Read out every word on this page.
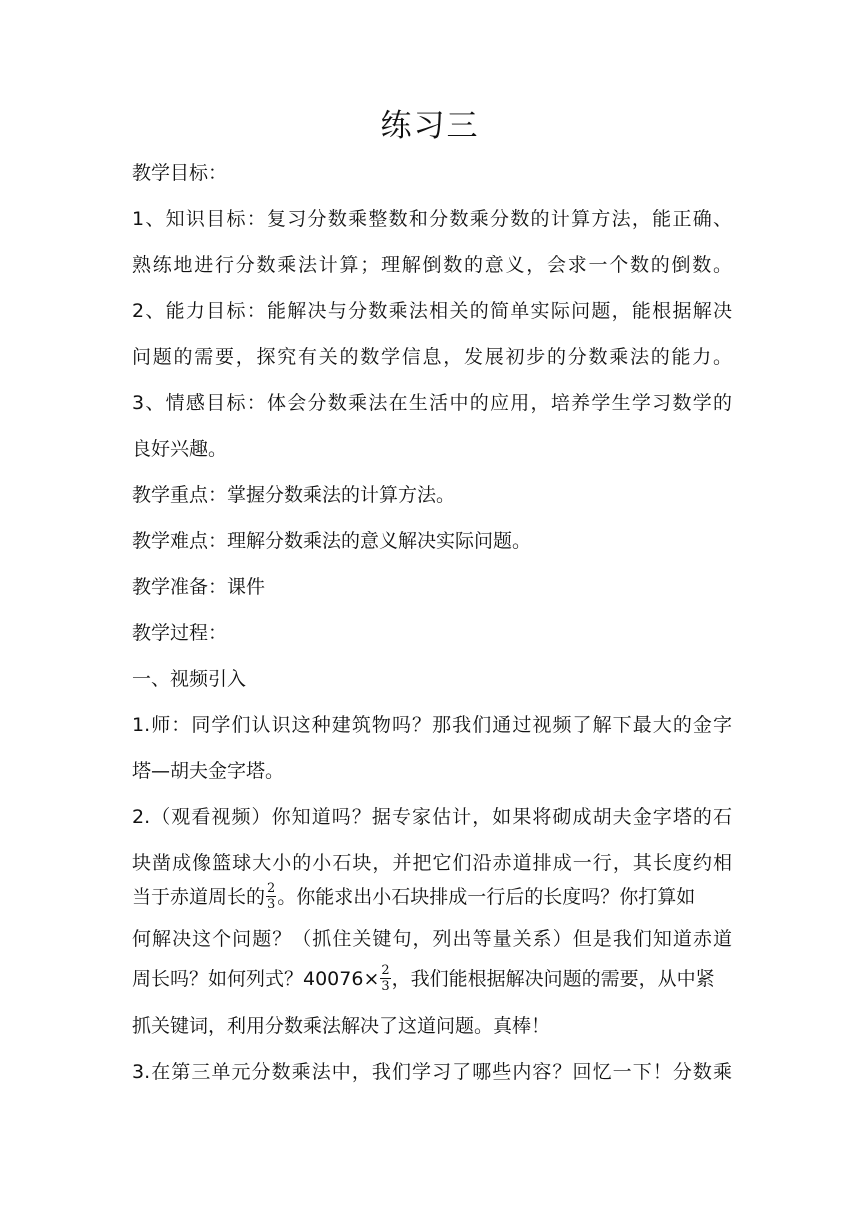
练习三
教学目标：
1、知识目标：复习分数乘整数和分数乘分数的计算方法，能正确、
熟练地进行分数乘法计算；理解倒数的意义，会求一个数的倒数。
2、能力目标：能解决与分数乘法相关的简单实际问题，能根据解决
问题的需要，探究有关的数学信息，发展初步的分数乘法的能力。
3、情感目标：体会分数乘法在生活中的应用，培养学生学习数学的
良好兴趣。
教学重点：掌握分数乘法的计算方法。
教学难点：理解分数乘法的意义解决实际问题。
教学准备：课件
教学过程：
一、视频引入
1.师：同学们认识这种建筑物吗？那我们通过视频了解下最大的金字
塔—胡夫金字塔。
2.（观看视频）你知道吗？据专家估计，如果将砌成胡夫金字塔的石
块凿成像篮球大小的小石块，并把它们沿赤道排成一行，其长度约相
当于赤道周长的 $\frac{2}{3}$ 。你能求出小石块排成一行后的长度吗？你打算如
何解决这个问题？（抓住关键句，列出等量关系）但是我们知道赤道
周长吗？如何列式？$40076\times \frac{2}{3}$ ，我们能根据解决问题的需要，从中紧
抓关键词，利用分数乘法解决了这道问题。真棒！
3.在第三单元分数乘法中，我们学习了哪些内容？回忆一下！分数乘
